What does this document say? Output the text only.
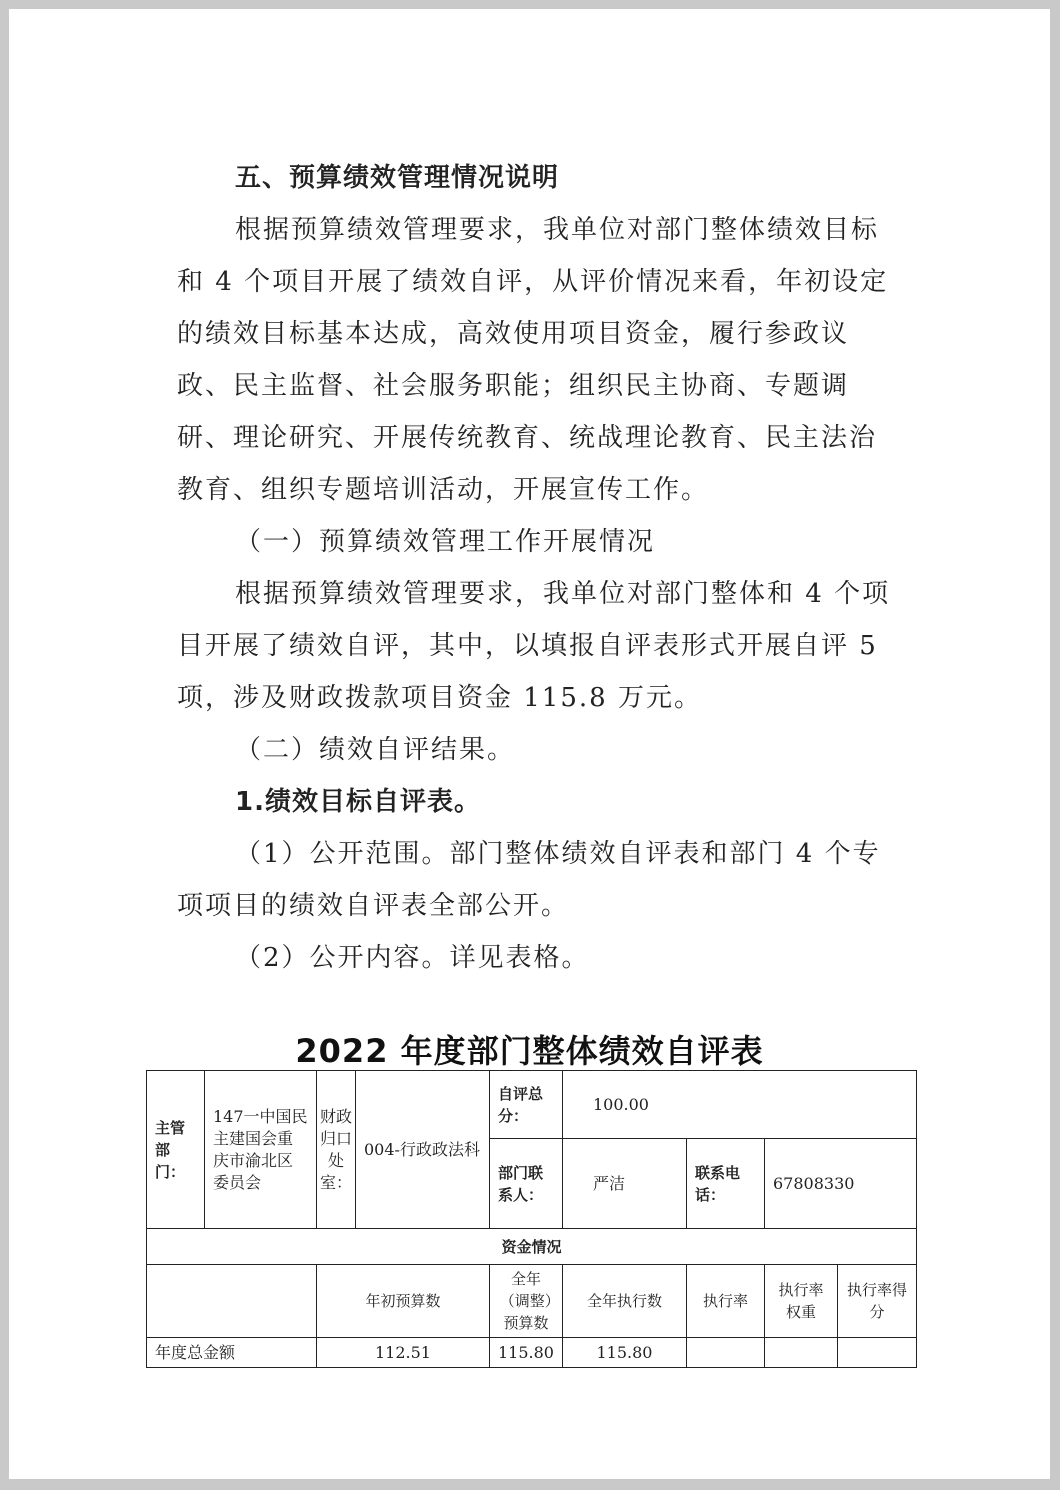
五、预算绩效管理情况说明

根据预算绩效管理要求，我单位对部门整体绩效目标和 4 个项目开展了绩效自评，从评价情况来看，年初设定的绩效目标基本达成，高效使用项目资金，履行参政议政、民主监督、社会服务职能；组织民主协商、专题调研、理论研究、开展传统教育、统战理论教育、民主法治教育、组织专题培训活动，开展宣传工作。

（一）预算绩效管理工作开展情况

根据预算绩效管理要求，我单位对部门整体和 4 个项目开展了绩效自评，其中，以填报自评表形式开展自评 5 项，涉及财政拨款项目资金 115.8 万元。

（二）绩效自评结果。

1.绩效目标自评表。

（1）公开范围。部门整体绩效自评表和部门 4 个专项项目的绩效自评表全部公开。

（2）公开内容。详见表格。

2022 年度部门整体绩效自评表
主管部门：	147一中国民主建国会重庆市渝北区委员会	财政归口处室：	004-行政政法科	自评总分：	100.00			
				部门联系人：	严洁	联系电话：	67808330	
资金情况								
		年初预算数		全年（调整）预算数	全年执行数	执行率	执行率权重	执行率得分
年度总金额		112.51		115.80	115.80			
